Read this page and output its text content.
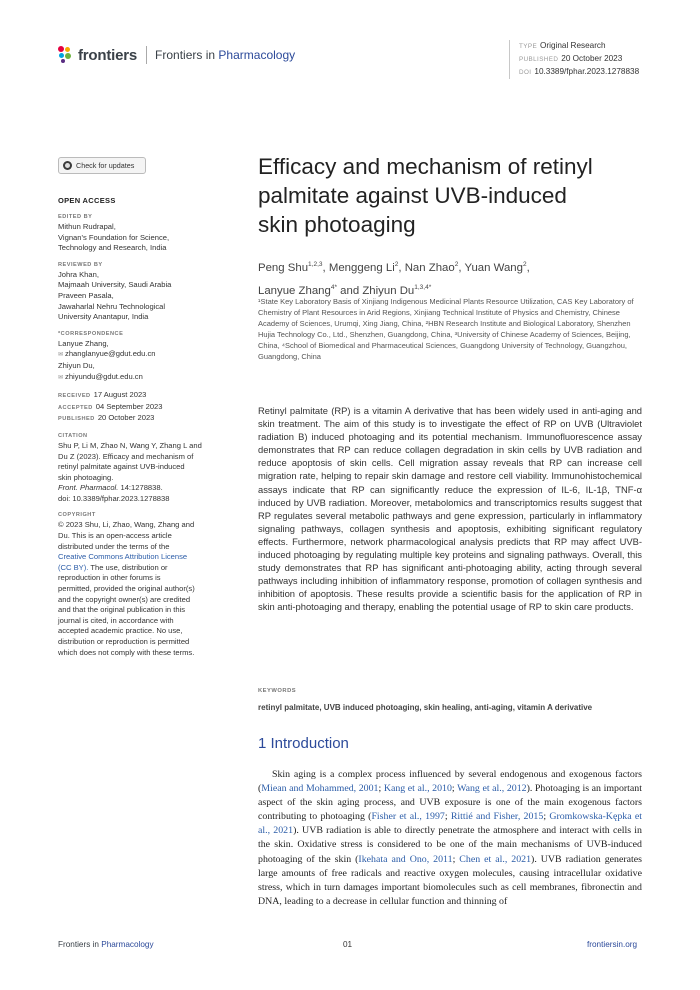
frontiers Frontiers in Pharmacology
TYPE Original Research
PUBLISHED 20 October 2023
DOI 10.3389/fphar.2023.1278838
Check for updates
OPEN ACCESS
EDITED BY
Mithun Rudrapal,
Vignan's Foundation for Science,
Technology and Research, India
REVIEWED BY
Johra Khan,
Majmaah University, Saudi Arabia
Praveen Pasala,
Jawaharlal Nehru Technological
University Anantapur, India
*CORRESPONDENCE
Lanyue Zhang,
✉ zhanglanyue@gdut.edu.cn
Zhiyun Du,
✉ zhiyundu@gdut.edu.cn
RECEIVED 17 August 2023
ACCEPTED 04 September 2023
PUBLISHED 20 October 2023
CITATION
Shu P, Li M, Zhao N, Wang Y, Zhang L and
Du Z (2023). Efficacy and mechanism of
retinyl palmitate against UVB-induced
skin photoaging.
Front. Pharmacol. 14:1278838.
doi: 10.3389/fphar.2023.1278838
COPYRIGHT
© 2023 Shu, Li, Zhao, Wang, Zhang and
Du. This is an open-access article
distributed under the terms of the
Creative Commons Attribution License
(CC BY). The use, distribution or
reproduction in other forums is
permitted, provided the original author(s)
and the copyright owner(s) are credited
and that the original publication in this
journal is cited, in accordance with
accepted academic practice. No use,
distribution or reproduction is permitted
which does not comply with these terms.
Efficacy and mechanism of retinyl
palmitate against UVB-induced
skin photoaging
Peng Shu$^{1,2,3}$, Menggeng Li$^2$, Nan Zhao$^2$, Yuan Wang$^2$,
Lanyue Zhang$^{4*}$ and Zhiyun $Du^{1,3,4*}$
¹State Key Laboratory Basis of Xinjiang Indigenous Medicinal Plants Resource Utilization, CAS Key Laboratory of Chemistry of Plant Resources in Arid Regions, Xinjiang Technical Institute of Physics and Chemistry, Chinese Academy of Sciences, Urumqi, Xing Jiang, China, ²HBN Research Institute and Biological Laboratory, Shenzhen Hujia Technology Co., Ltd., Shenzhen, Guangdong, China, ³University of Chinese Academy of Sciences, Beijing, China, ⁴School of Biomedical and Pharmaceutical Sciences, Guangdong University of Technology, Guangzhou, Guangdong, China
Retinyl palmitate (RP) is a vitamin A derivative that has been widely used in anti-aging and skin treatment. The aim of this study is to investigate the effect of RP on UVB (Ultraviolet radiation B) induced photoaging and its potential mechanism. Immunofluorescence assay demonstrates that RP can reduce collagen degradation in skin cells by UVB radiation and reduce apoptosis of skin cells. Cell migration assay reveals that RP can increase cell migration rate, helping to repair skin damage and restore cell viability. Immunohistochemical assays indicate that RP can significantly reduce the expression of IL-6, IL-1β, TNF-α induced by UVB radiation. Moreover, metabolomics and transcriptomics results suggest that RP regulates several metabolic pathways and gene expression, particularly in inflammatory signaling pathways, collagen synthesis and apoptosis, exhibiting significant regulatory effects. Furthermore, network pharmacological analysis predicts that RP may affect UVB-induced photoaging by regulating multiple key proteins and signaling pathways. Overall, this study demonstrates that RP has significant anti-photoaging ability, acting through several pathways including inhibition of inflammatory response, promotion of collagen synthesis and inhibition of apoptosis. These results provide a scientific basis for the application of RP in skin anti-photoaging and therapy, enabling the potential usage of RP to skin care products.
KEYWORDS
retinyl palmitate, UVB induced photoaging, skin healing, anti-aging, vitamin A derivative
1 Introduction
Skin aging is a complex process influenced by several endogenous and exogenous factors (Miean and Mohammed, 2001; Kang et al., 2010; Wang et al., 2012). Photoaging is an important aspect of the skin aging process, and UVB exposure is one of the main exogenous factors contributing to photoaging (Fisher et al., 1997; Rittié and Fisher, 2015; Gromkowska-Kępka et al., 2021). UVB radiation is able to directly penetrate the atmosphere and interact with cells in the skin. Oxidative stress is considered to be one of the main mechanisms of UVB-induced photoaging of the skin (Ikehata and Ono, 2011; Chen et al., 2021). UVB radiation generates large amounts of free radicals and reactive oxygen molecules, causing intracellular oxidative stress, which in turn damages important biomolecules such as cell membranes, fibronectin and DNA, leading to a decrease in cellular function and thinning of
Frontiers in Pharmacology	01	frontiersin.org
